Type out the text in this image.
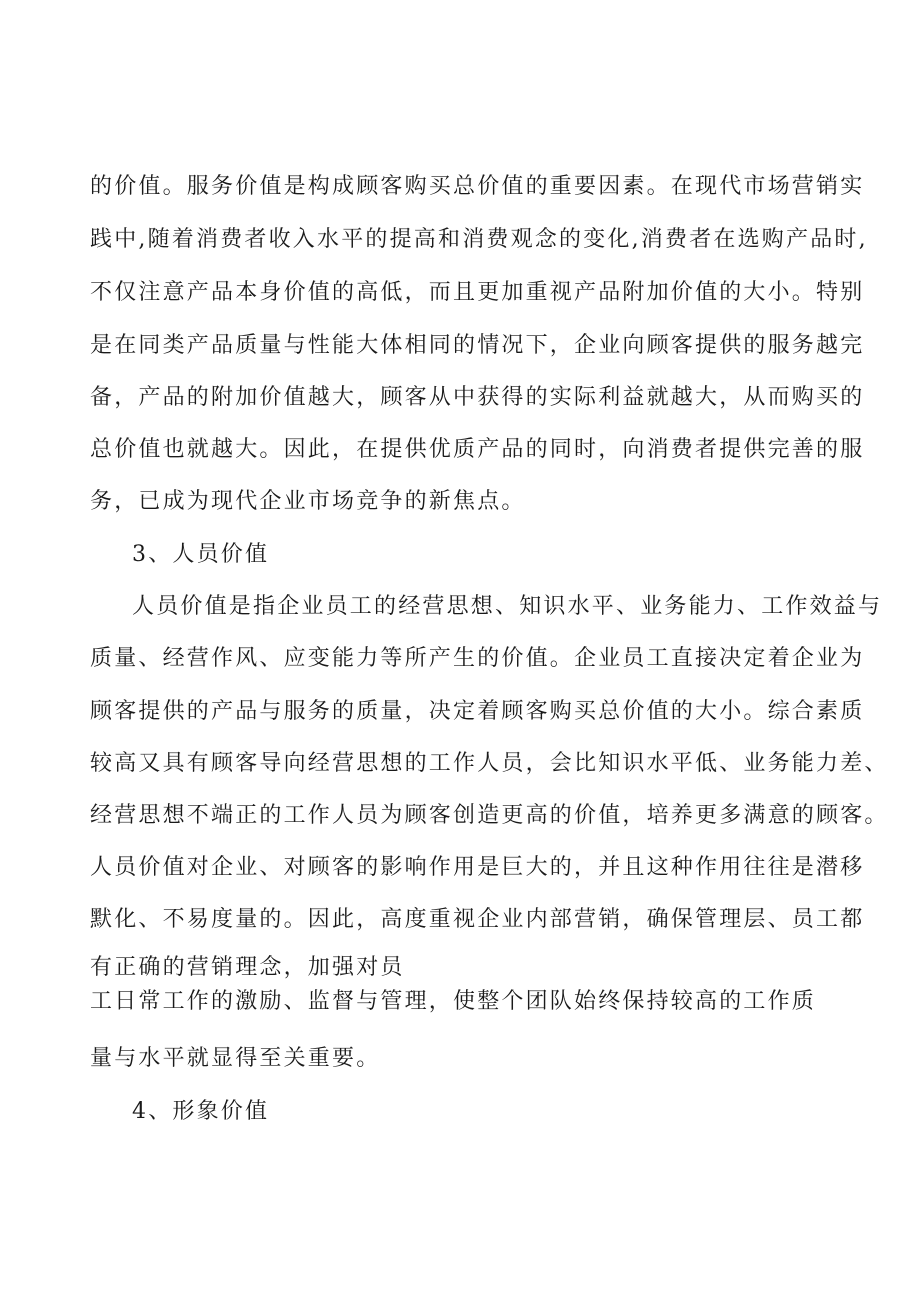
的价值。服务价值是构成顾客购买总价值的重要因素。在现代市场营销实
践中,随着消费者收入水平的提高和消费观念的变化,消费者在选购产品时,
不仅注意产品本身价值的高低，而且更加重视产品附加价值的大小。特别
是在同类产品质量与性能大体相同的情况下，企业向顾客提供的服务越完
备，产品的附加价值越大，顾客从中获得的实际利益就越大，从而购买的
总价值也就越大。因此，在提供优质产品的同时，向消费者提供完善的服
务，已成为现代企业市场竞争的新焦点。
3、人员价值
人员价值是指企业员工的经营思想、知识水平、业务能力、工作效益与
质量、经营作风、应变能力等所产生的价值。企业员工直接决定着企业为
顾客提供的产品与服务的质量，决定着顾客购买总价值的大小。综合素质
较高又具有顾客导向经营思想的工作人员，会比知识水平低、业务能力差、
经营思想不端正的工作人员为顾客创造更高的价值，培养更多满意的顾客。
人员价值对企业、对顾客的影响作用是巨大的，并且这种作用往往是潜移
默化、不易度量的。因此，高度重视企业内部营销，确保管理层、员工都
有正确的营销理念，加强对员
工日常工作的激励、监督与管理，使整个团队始终保持较高的工作质
量与水平就显得至关重要。
4、形象价值
